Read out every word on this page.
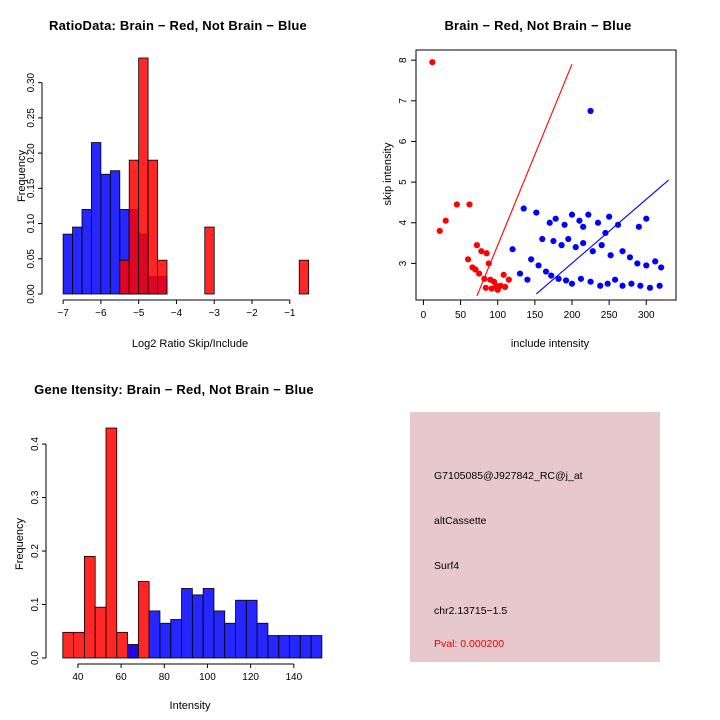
RatioData: Brain − Red, Not Brain − Blue
0.00
0.05
0.10
0.15
0.20
0.25
0.30
−7	−6	−5	−4	−3	−2	−1
Log2 Ratio Skip/Include
Frequency
Brain − Red, Not Brain − Blue
3
4
5
6
7
8
0	50 100 150 200 250 300
include intensity
skip intensity
Gene Itensity: Brain − Red, Not Brain − Blue
0.0
0.1
0.2
0.3
0.4
40	60	80	100	120	140
Intensity
Frequency
G7105085@J927842_RC@j_at
altCassette
Surf4
chr2.13715−1.5
Pval: 0.000200
